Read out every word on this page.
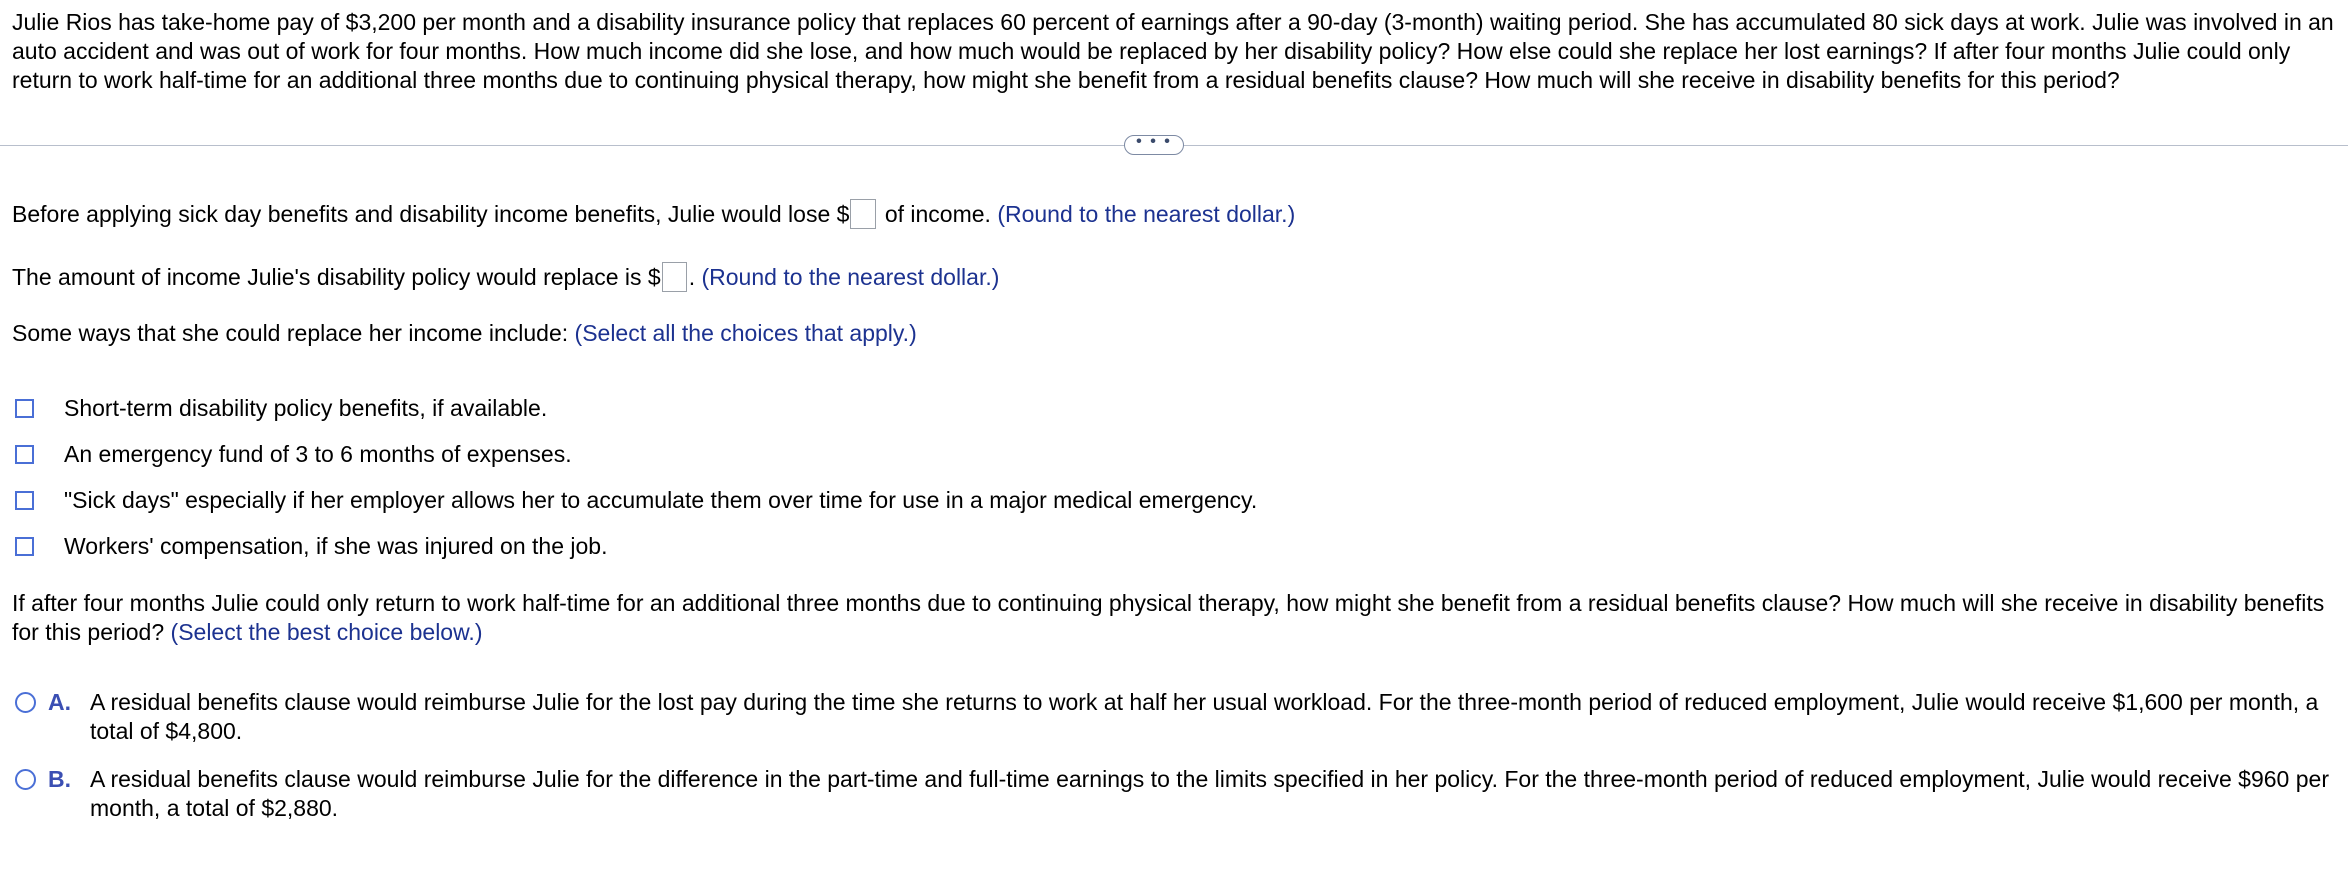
Julie Rios has take-home pay of $3,200 per month and a disability insurance policy that replaces 60 percent of earnings after a 90-day (3-month) waiting period. She has accumulated 80 sick days at work. Julie was involved in an auto accident and was out of work for four months. How much income did she lose, and how much would be replaced by her disability policy? How else could she replace her lost earnings? If after four months Julie could only return to work half-time for an additional three months due to continuing physical therapy, how might she benefit from a residual benefits clause? How much will she receive in disability benefits for this period?
• • •
Before applying sick day benefits and disability income benefits, Julie would lose $ of income. (Round to the nearest dollar.)
The amount of income Julie's disability policy would replace is $ . (Round to the nearest dollar.)
Some ways that she could replace her income include: (Select all the choices that apply.)
Short-term disability policy benefits, if available.
An emergency fund of 3 to 6 months of expenses.
"Sick days" especially if her employer allows her to accumulate them over time for use in a major medical emergency.
Workers' compensation, if she was injured on the job.
If after four months Julie could only return to work half-time for an additional three months due to continuing physical therapy, how might she benefit from a residual benefits clause? How much will she receive in disability benefits for this period? (Select the best choice below.)
A. A residual benefits clause would reimburse Julie for the lost pay during the time she returns to work at half her usual workload. For the three-month period of reduced employment, Julie would receive $1,600 per month, a total of $4,800.
B. A residual benefits clause would reimburse Julie for the difference in the part-time and full-time earnings to the limits specified in her policy. For the three-month period of reduced employment, Julie would receive $960 per month, a total of $2,880.
